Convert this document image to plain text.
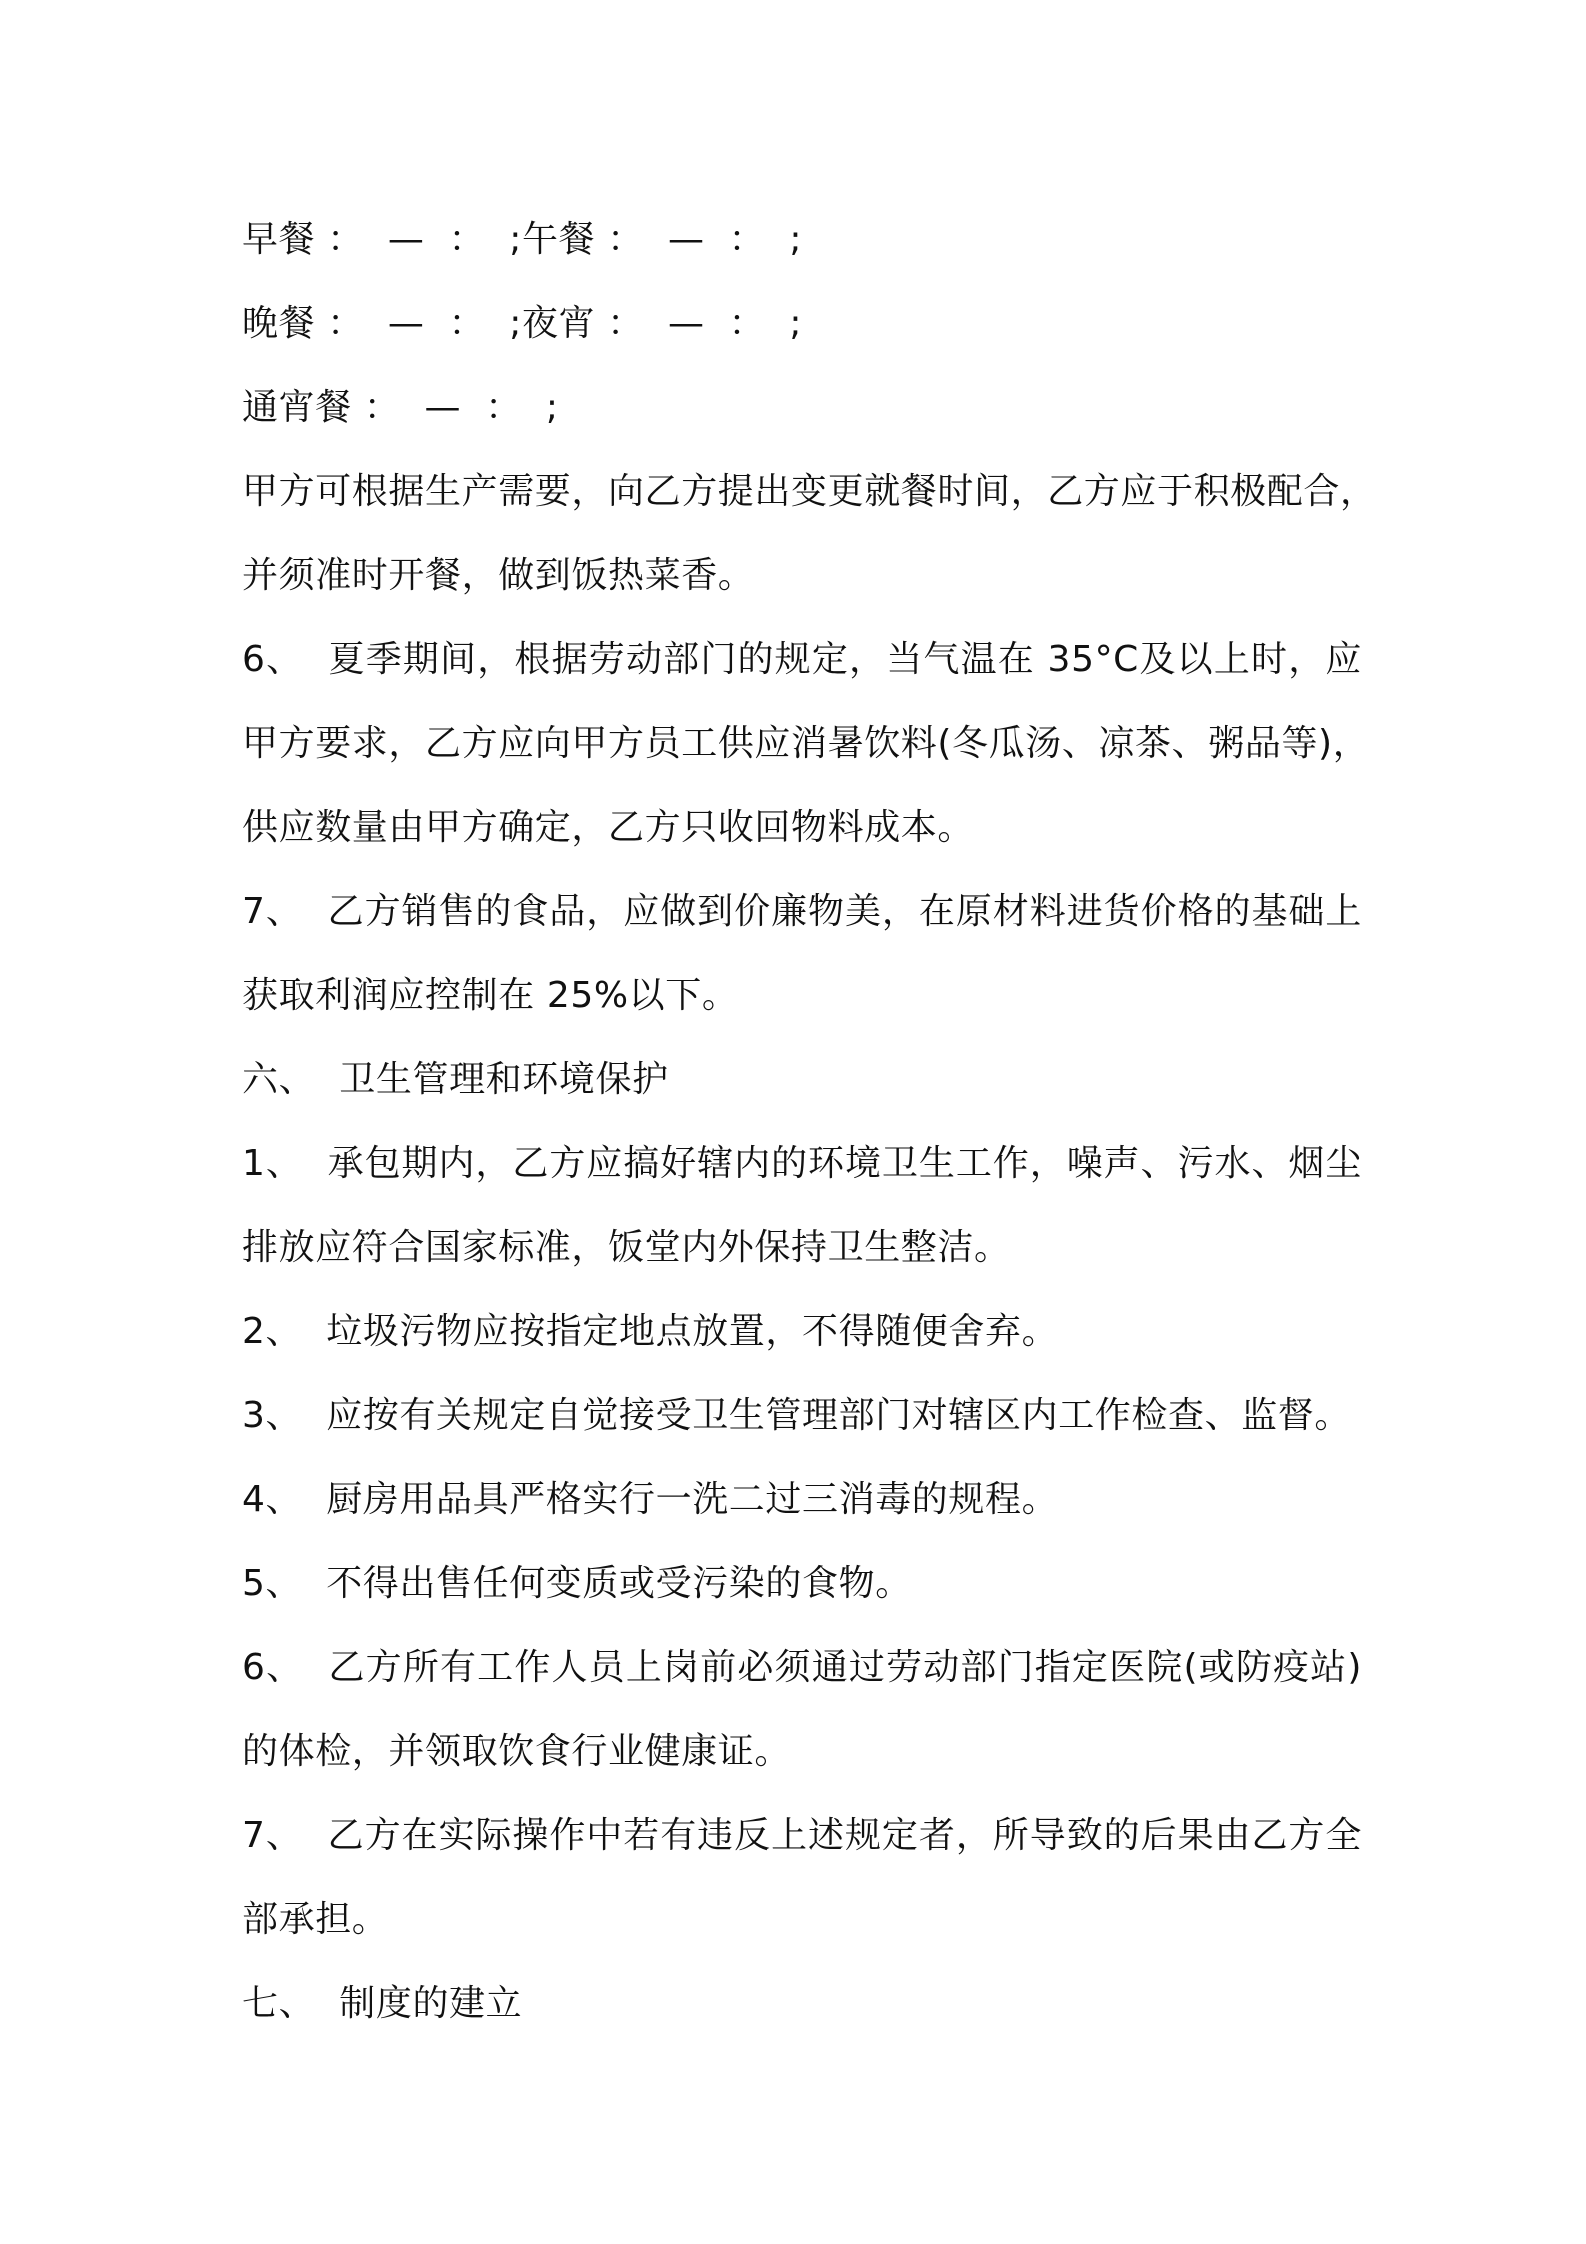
早餐 ：  —  ：  ;午餐 ：  —  ：  ;
晚餐 ：  —  ：  ;夜宵 ：  —  ：  ;
通宵餐 ：  —  ：  ;
甲方可根据生产需要，向乙方提出变更就餐时间，乙方应于积极配合，
并须准时开餐，做到饭热菜香。
6、  夏季期间，根据劳动部门的规定，当气温在 35°C及以上时，应
甲方要求，乙方应向甲方员工供应消暑饮料(冬瓜汤、凉茶、粥品等)，
供应数量由甲方确定，乙方只收回物料成本。
7、  乙方销售的食品，应做到价廉物美，在原材料进货价格的基础上
获取利润应控制在 25%以下。
六、  卫生管理和环境保护
1、  承包期内，乙方应搞好辖内的环境卫生工作，噪声、污水、烟尘
排放应符合国家标准，饭堂内外保持卫生整洁。
2、  垃圾污物应按指定地点放置，不得随便舍弃。
3、  应按有关规定自觉接受卫生管理部门对辖区内工作检查、监督。
4、  厨房用品具严格实行一洗二过三消毒的规程。
5、  不得出售任何变质或受污染的食物。
6、  乙方所有工作人员上岗前必须通过劳动部门指定医院(或防疫站)
的体检，并领取饮食行业健康证。
7、  乙方在实际操作中若有违反上述规定者，所导致的后果由乙方全
部承担。
七、  制度的建立
